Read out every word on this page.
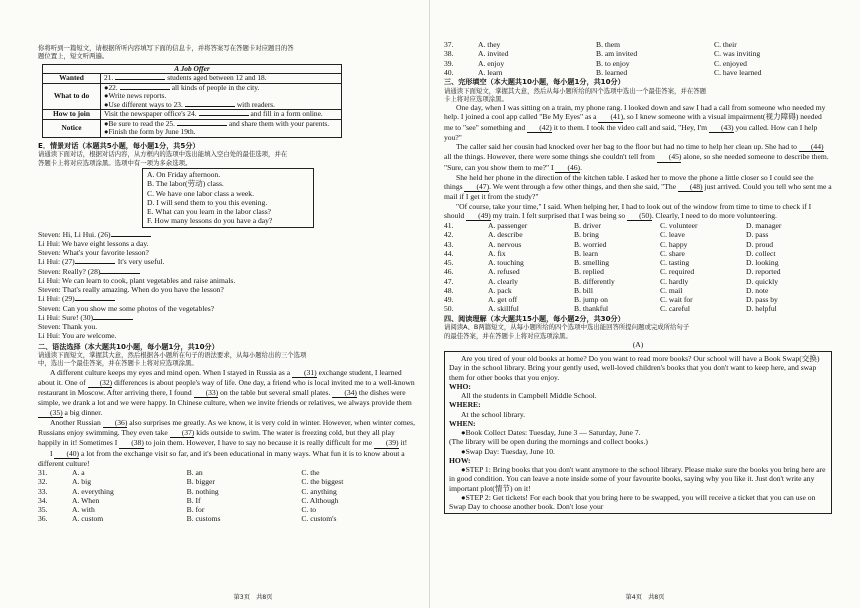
你将听到一篇短文，请根据所听内容填写下面的信息卡，并将答案写在答题卡对应题目的答

题位置上，短文听两遍。

A Job Offer	
Wanted	21. students aged between 12 and 18.

What to do	●22. all kinds of people in the city.
●Write news reports.
●Use different ways to 23. with readers.

How to join	Visit the newspaper office's 24. and fill in a form online.

Notice	●Be sure to read the 25. and share them with your parents.
●Finish the form by June 19th.

E．情景对话（本题共5小题，每小题1分，共5分）

请通读下面对话，根据对话内容，从方框内的选项中选出能填入空白处的最佳选项，并在

答题卡上将对应选项涂黑。选项中有一项为多余选项。

A. On Friday afternoon.
B. The labor(劳动) class.
C. We have one labor class a week.
D. I will send them to you this evening.
E. What can you learn in the labor class?
F. How many lessons do you have a day?
Steven: Hi, Li Hui. (26)
Li Hui: We have eight lessons a day.
Steven: What's your favorite lesson?
Li Hui: (27)	It's very useful.
Steven: Really? (28)
Li Hui: We can learn to cook, plant vegetables and raise animals.
Steven: That's really amazing. When do you have the lesson?
Li Hui: (29)
Steven: Can you show me some photos of the vegetables?
Li Hui: Sure! (30)
Steven: Thank you.
Li Hui: You are welcome.

二、语法选择（本大题共10小题，每小题1分，共10分）

请通读下面短文，掌握其大意，然后根据各小题所在句子的语法要求，从每小题给出的三个选项

中，选出一个最佳答案，并在答题卡上将对应选项涂黑。

A different culture keeps my eyes and mind open. When I stayed in Russia as a (31) exchange student, I learned about it. One of (32) differences is about people's way of life. One day, a friend who is local invited me to a well-known restaurant in Moscow. After arriving there, I found (33) on the table but several small plates. (34) the dishes were simple, we drank a lot and we were happy. In Chinese culture, when we invite friends or relatives, we always provide them (35) a big dinner.

Another Russian (36) also surprises me greatly. As we know, it is very cold in winter. However, when winter comes, Russians enjoy swimming. They even take (37) kids outside to swim. The water is freezing cold, but they all play happily in it! Sometimes I (38) to join them. However, I have to say no because it is really difficult for me (39) it!

I (40) a lot from the exchange visit so far, and it's been educational in many ways. What fun it is to know about a different culture!

31.	A. a	B. an	C. the
32.	A. big	B. bigger	C. the biggest
33.	A. everything	B. nothing	C. anything
34.	A. When	B. If	C. Although
35.	A. with	B. for	C. to
36.	A. custom	B. customs	C. custom's
第3页　共8页
37.	A. they	B. them	C. their
38.	A. invited	B. am invited	C. was inviting
39.	A. enjoy	B. to enjoy	C. enjoyed
40.	A. learn	B. learned	C. have learned

三、完形填空（本大题共10小题，每小题1分，共10分）

请通读下面短文，掌握其大意，然后从每小题所给的四个选项中选出一个最佳答案，并在答题

卡上将对应选项涂黑。

One day, when I was sitting on a train, my phone rang. I looked down and saw I had a call from someone who needed my help. I joined a cool app called "Be My Eyes" as a (41), so I knew someone with a visual impairment(视力障碍) needed me to "see" something and (42) it to them. I took the video call and said, "Hey, I'm (43) you called. How can I help you?"

The caller said her cousin had knocked over her bag to the floor but had no time to help her clean up. She had to (44) all the things. However, there were some things she couldn't tell from (45) alone, so she needed someone to describe them. "Sure, can you show them to me?" I (46).

She held her phone in the direction of the kitchen table. I asked her to move the phone a little closer so I could see the things (47). We went through a few other things, and then she said, "The (48) just arrived. Could you tell who sent me a mail if I get it from the study?"

"Of course, take your time," I said. When helping her, I had to look out of the window from time to time to check if I should (49) my train. I felt surprised that I was being so (50). Clearly, I need to do more volunteering.

41.	A. passenger	B. driver	C. volunteer	D. manager
42.	A. describe	B. bring	C. leave	D. pass
43.	A. nervous	B. worried	C. happy	D. proud
44.	A. fix	B. learn	C. share	D. collect
45.	A. touching	B. smelling	C. tasting	D. looking
46.	A. refused	B. replied	C. required	D. reported
47.	A. clearly	B. differently	C. hardly	D. quickly
48.	A. pack	B. bill	C. mail	D. note
49.	A. get off	B. jump on	C. wait for	D. pass by
50.	A. skillful	B. thankful	C. careful	D. helpful

四、阅读理解（本大题共15小题，每小题2分，共30分）

请阅读A、B两篇短文，从每小题所给的四个选项中选出能回答所提问题或完成所给句子

的最佳答案，并在答题卡上将对应选项涂黑。

(A)

Are you tired of your old books at home? Do you want to read more books? Our school will have a Book Swap(交换) Day in the school library. Bring your gently used, well-loved children's books that you don't want to keep here, and swap them for other books that you enjoy.

WHO:

All the students in Campbell Middle School.

WHERE:

At the school library.

WHEN:

●Book Collect Dates: Tuesday, June 3 — Saturday, June 7.

(The library will be open during the mornings and collect books.)

●Swap Day: Tuesday, June 10.

HOW:

●STEP 1: Bring books that you don't want anymore to the school library. Please make sure the books you bring here are in good condition. You can leave a note inside some of your favourite books, saying why you like it. Just don't write any important plot(情节) on it!

●STEP 2: Get tickets! For each book that you bring here to be swapped, you will receive a ticket that you can use on Swap Day to choose another book. Don't lose your

第4页　共8页
